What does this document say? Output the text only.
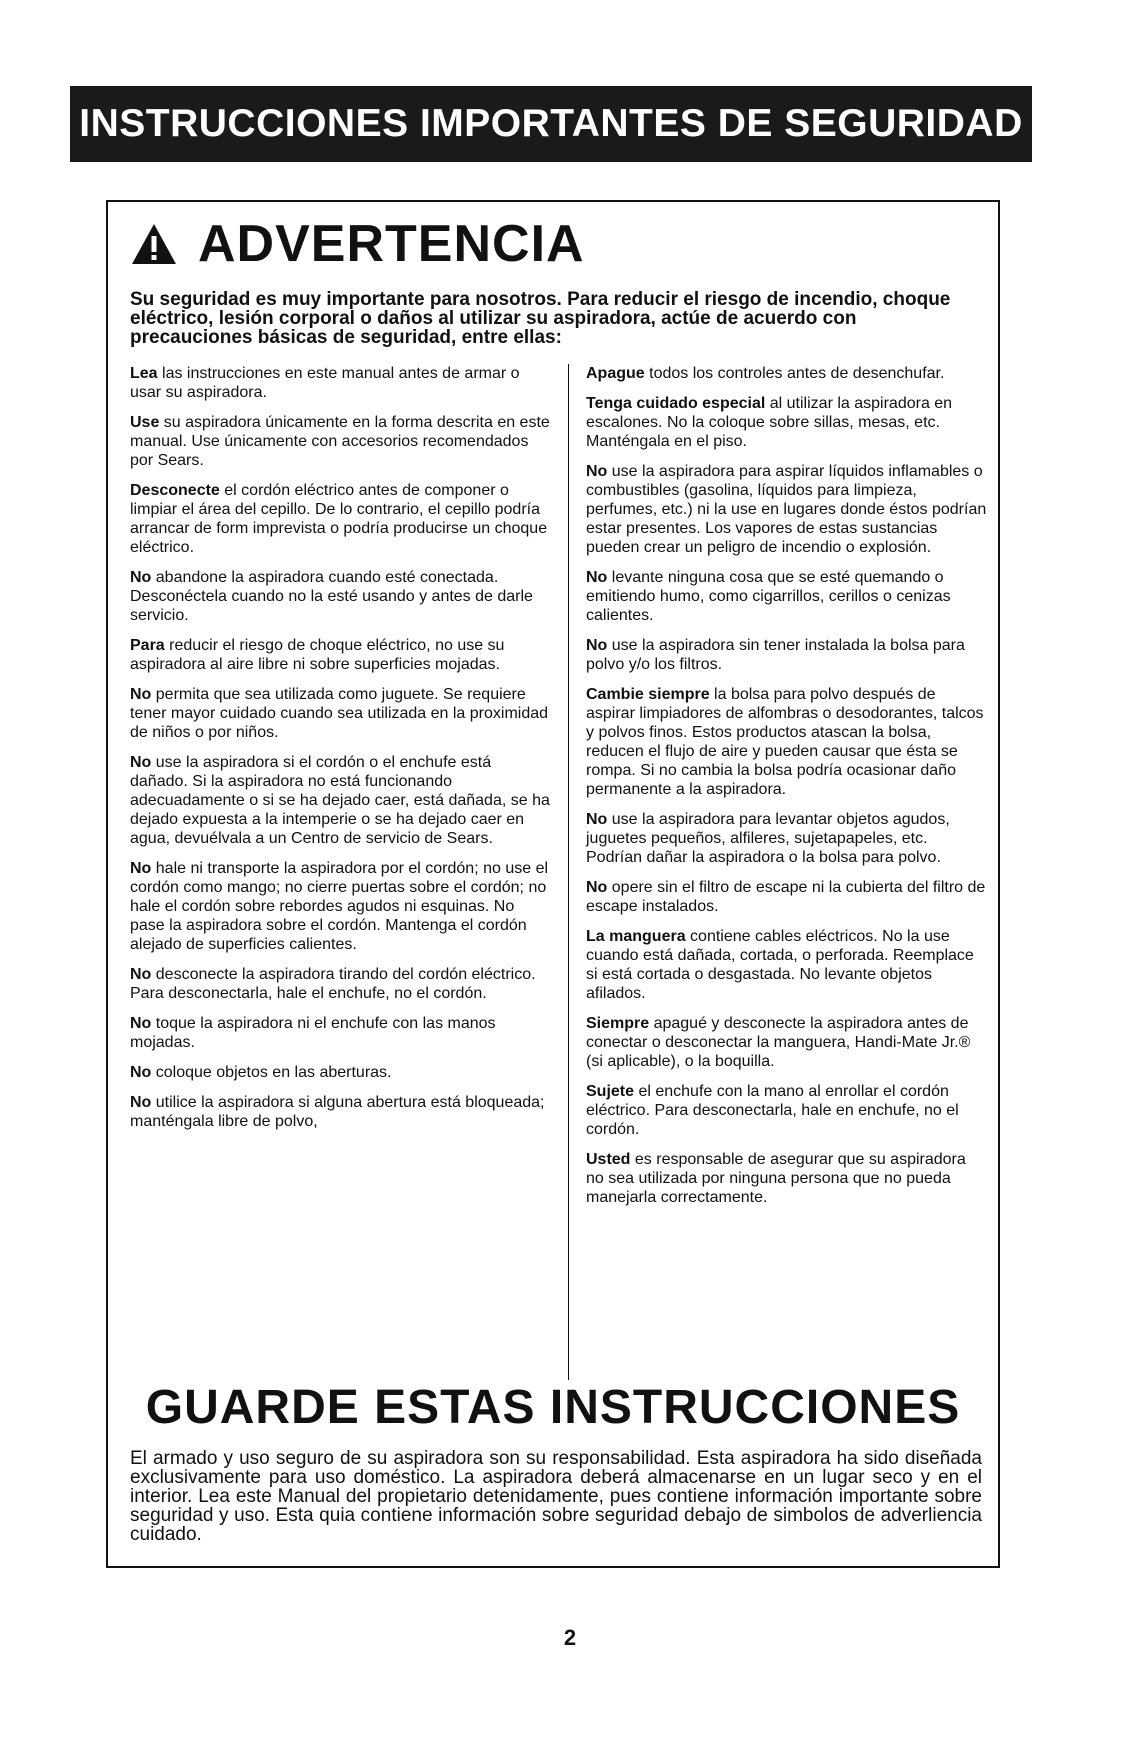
INSTRUCCIONES IMPORTANTES DE SEGURIDAD
ADVERTENCIA

Su seguridad es muy importante para nosotros. Para reducir el riesgo de incendio, choque eléctrico, lesión corporal o daños al utilizar su aspiradora, actúe de acuerdo con precauciones básicas de seguridad, entre ellas:

Lea las instrucciones en este manual antes de armar o usar su aspiradora.

Use su aspiradora únicamente en la forma descrita en este manual. Use únicamente con accesorios recomendados por Sears.

Desconecte el cordón eléctrico antes de componer o limpiar el área del cepillo. De lo contrario, el cepillo podría arrancar de form imprevista o podría producirse un choque eléctrico.

No abandone la aspiradora cuando esté conectada. Desconéctela cuando no la esté usando y antes de darle servicio.

Para reducir el riesgo de choque eléctrico, no use su aspiradora al aire libre ni sobre superficies mojadas.

No permita que sea utilizada como juguete. Se requiere tener mayor cuidado cuando sea utilizada en la proximidad de niños o por niños.

No use la aspiradora si el cordón o el enchufe está dañado. Si la aspiradora no está funcionando adecuadamente o si se ha dejado caer, está dañada, se ha dejado expuesta a la intemperie o se ha dejado caer en agua, devuélvala a un Centro de servicio de Sears.

No hale ni transporte la aspiradora por el cordón; no use el cordón como mango; no cierre puertas sobre el cordón; no hale el cordón sobre rebordes agudos ni esquinas. No pase la aspiradora sobre el cordón. Mantenga el cordón alejado de superficies calientes.

No desconecte la aspiradora tirando del cordón eléctrico. Para desconectarla, hale el enchufe, no el cordón.

No toque la aspiradora ni el enchufe con las manos mojadas.

No coloque objetos en las aberturas.

No utilice la aspiradora si alguna abertura está bloqueada; manténgala libre de polvo,

Apague todos los controles antes de desenchufar.

Tenga cuidado especial al utilizar la aspiradora en escalones. No la coloque sobre sillas, mesas, etc. Manténgala en el piso.

No use la aspiradora para aspirar líquidos inflamables o combustibles (gasolina, líquidos para limpieza, perfumes, etc.) ni la use en lugares donde éstos podrían estar presentes. Los vapores de estas sustancias pueden crear un peligro de incendio o explosión.

No levante ninguna cosa que se esté quemando o emitiendo humo, como cigarrillos, cerillos o cenizas calientes.

No use la aspiradora sin tener instalada la bolsa para polvo y/o los filtros.

Cambie siempre la bolsa para polvo después de aspirar limpiadores de alfombras o desodorantes, talcos y polvos finos. Estos productos atascan la bolsa, reducen el flujo de aire y pueden causar que ésta se rompa. Si no cambia la bolsa podría ocasionar daño permanente a la aspiradora.

No use la aspiradora para levantar objetos agudos, juguetes pequeños, alfileres, sujetapapeles, etc. Podrían dañar la aspiradora o la bolsa para polvo.

No opere sin el filtro de escape ni la cubierta del filtro de escape instalados.

La manguera contiene cables eléctricos. No la use cuando está dañada, cortada, o perforada. Reemplace si está cortada o desgastada. No levante objetos afilados.

Siempre apagué y desconecte la aspiradora antes de conectar o desconectar la manguera, Handi-Mate Jr.® (si aplicable), o la boquilla.

Sujete el enchufe con la mano al enrollar el cordón eléctrico. Para desconectarla, hale en enchufe, no el cordón.

Usted es responsable de asegurar que su aspiradora no sea utilizada por ninguna persona que no pueda manejarla correctamente.

GUARDE ESTAS INSTRUCCIONES

El armado y uso seguro de su aspiradora son su responsabilidad. Esta aspiradora ha sido diseñada exclusivamente para uso doméstico. La aspiradora deberá almacenarse en un lugar seco y en el interior. Lea este Manual del propietario detenidamente, pues contiene información importante sobre seguridad y uso. Esta quia contiene información sobre seguridad debajo de simbolos de adverliencia cuidado.

2
